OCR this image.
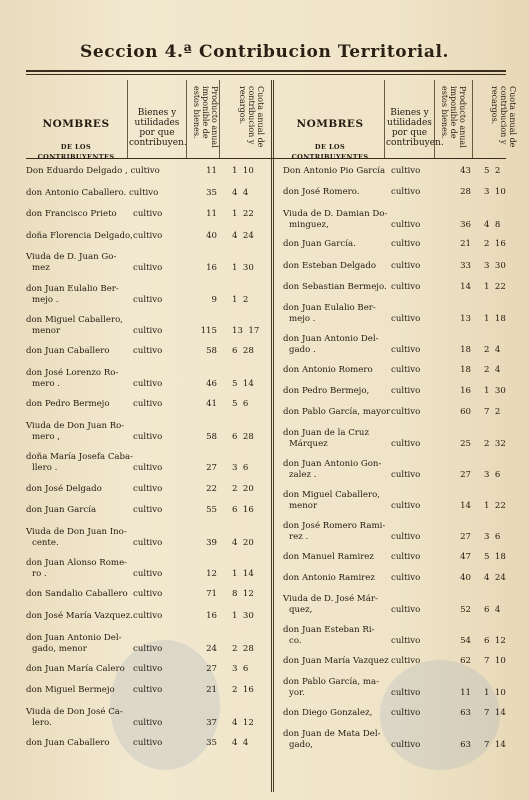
Seccion 4.ª Contribucion Territorial.
NOMBRES
DE LOS CONTRIBUYENTES
Bienes y utilidades por que contribuyen.	Producto anual imponible de estos bienes.	Cuota anual de contribucion y recargos.	NOMBRES
DE LOS CONTRIBUYENTES
Bienes y utilidades por que contribuyen.	Producto anual imponible de estos bienes.	Cuota anual de contribucion y recargos.
Don Eduardo Delgado , cultivo	11 1  10
don Antonio Caballero. cultivo	35 4  4
don Francisco Prieto cultivo	11 1  22
doña Florencia Delgado, cultivo	40 4  24
Viuda de D. Juan Go-
mez	cultivo	16 1  30
don Juan Eulalio Ber-
mejo .	cultivo	9 1  2
don Miguel Caballero,
menor	cultivo	115 13  17
don Juan Caballero	cultivo	58 6  28
don José Lorenzo Ro-
mero .	cultivo	46 5  14
don Pedro Bermejo	cultivo	41 5  6
Viuda de Don Juan Ro-
mero ,	cultivo	58 6  28
doña María Josefa Caba-
llero .	cultivo	27 3  6
don José Delgado	cultivo	22 2  20
don Juan García	cultivo	55 6  16
Viuda de Don Juan Ino-
cente.	cultivo	39 4  20
don Juan Alonso Rome-
ro .	cultivo	12 1  14
don Sandalio Caballero cultivo	71 8  12
don José María Vazquez. cultivo	16 1  30
don Juan Antonio Del-
gado, menor	cultivo	24 2  28
don Juan María Calero cultivo	27 3  6
don Miguel Bermejo cultivo	21 2  16
Viuda de Don José Ca-
lero.	cultivo	37 4  12
don Juan Caballero	cultivo	35 4  4
Don Antonio Pio García cultivo	43 5  2
don José Romero.	cultivo	28 3  10
Viuda de D. Damian Do-
minguez,	cultivo	36 4  8
don Juan García.	cultivo	21 2  16
don Esteban Delgado cultivo	33 3  30
don Sebastian Bermejo. cultivo	14 1  22
don Juan Eulalio Ber-
mejo .	cultivo	13 1  18
don Juan Antonio Del-
gado .	cultivo	18 2  4
don Antonio Romero cultivo	18 2  4
don Pedro Bermejo,	cultivo	16 1  30
don Pablo García, mayor cultivo	60 7  2
don Juan de la Cruz
Márquez	cultivo	25 2  32
don Juan Antonio Gon-
zalez .	cultivo	27 3  6
don Miguel Caballero,
menor	cultivo	14 1  22
don José Romero Rami-
rez .	cultivo	27 3  6
don Manuel Ramirez cultivo	47 5  18
don Antonio Ramirez cultivo	40 4  24
Viuda de D. José Már-
quez,	cultivo	52 6  4
don Juan Esteban Ri-
co.	cultivo	54 6  12
don Juan María Vazquez cultivo	62 7  10
don Pablo García, ma-
yor.	cultivo	11 1  10
don Diego Gonzalez, cultivo	63 7  14
don Juan de Mata Del-
gado,	cultivo	63 7  14
